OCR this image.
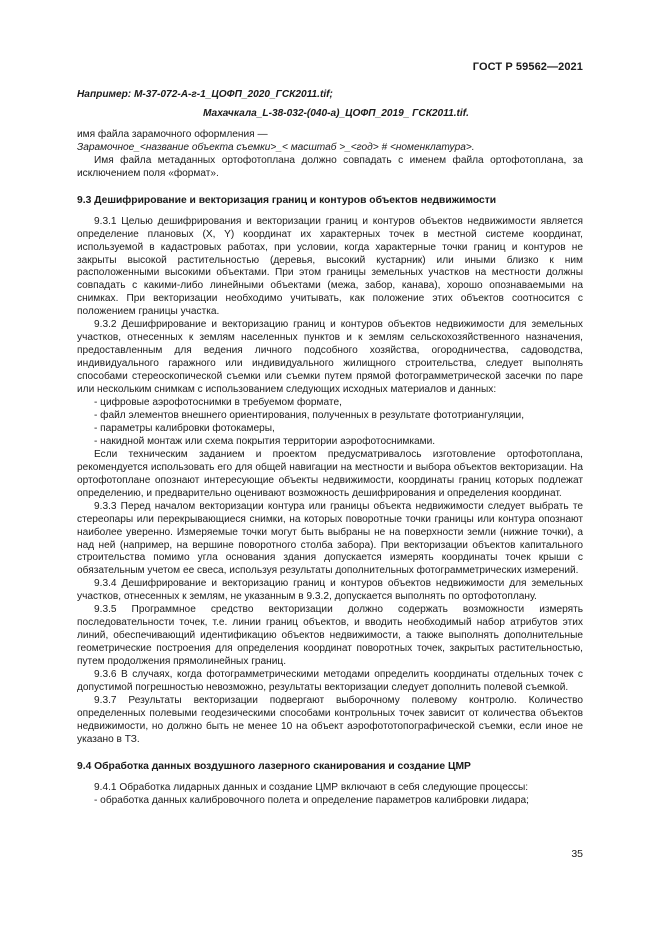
ГОСТ Р 59562—2021

Например: М-37-072-А-г-1_ЦОФП_2020_ГСК2011.tif;

Махачкала_L-38-032-(040-а)_ЦОФП_2019_ ГСК2011.tif.

имя файла зарамочного оформления —

Зарамочное_<название объекта съемки>_< масштаб >_<год> # <номенклатура>.

Имя файла метаданных ортофотоплана должно совпадать с именем файла ортофотоплана, за исключением поля «формат».

9.3 Дешифрирование и векторизация границ и контуров объектов недвижимости

9.3.1 Целью дешифрирования и векторизации границ и контуров объектов недвижимости является определение плановых (X, Y) координат их характерных точек в местной системе координат, используемой в кадастровых работах, при условии, когда характерные точки границ и контуров не закрыты высокой растительностью (деревья, высокий кустарник) или иными близко к ним расположенными высокими объектами. При этом границы земельных участков на местности должны совпадать с какими-либо линейными объектами (межа, забор, канава), хорошо опознаваемыми на снимках. При векторизации необходимо учитывать, как положение этих объектов соотносится с положением границы участка.

9.3.2 Дешифрирование и векторизацию границ и контуров объектов недвижимости для земельных участков, отнесенных к землям населенных пунктов и к землям сельскохозяйственного назначения, предоставленным для ведения личного подсобного хозяйства, огородничества, садоводства, индивидуального гаражного или индивидуального жилищного строительства, следует выполнять способами стереоскопической съемки или съемки путем прямой фотограмметрической засечки по паре или нескольким снимкам с использованием следующих исходных материалов и данных:

- цифровые аэрофотоснимки в требуемом формате,

- файл элементов внешнего ориентирования, полученных в результате фототриангуляции,

- параметры калибровки фотокамеры,

- накидной монтаж или схема покрытия территории аэрофотоснимками.

Если техническим заданием и проектом предусматривалось изготовление ортофотоплана, рекомендуется использовать его для общей навигации на местности и выбора объектов векторизации. На ортофотоплане опознают интересующие объекты недвижимости, координаты границ которых подлежат определению, и предварительно оценивают возможность дешифрирования и определения координат.

9.3.3 Перед началом векторизации контура или границы объекта недвижимости следует выбрать те стереопары или перекрывающиеся снимки, на которых поворотные точки границы или контура опознают наиболее уверенно. Измеряемые точки могут быть выбраны не на поверхности земли (нижние точки), а над ней (например, на вершине поворотного столба забора). При векторизации объектов капитального строительства помимо угла основания здания допускается измерять координаты точек крыши с обязательным учетом ее свеса, используя результаты дополнительных фотограмметрических измерений.

9.3.4 Дешифрирование и векторизацию границ и контуров объектов недвижимости для земельных участков, отнесенных к землям, не указанным в 9.3.2, допускается выполнять по ортофотоплану.

9.3.5 Программное средство векторизации должно содержать возможности измерять последовательности точек, т.е. линии границ объектов, и вводить необходимый набор атрибутов этих линий, обеспечивающий идентификацию объектов недвижимости, а также выполнять дополнительные геометрические построения для определения координат поворотных точек, закрытых растительностью, путем продолжения прямолинейных границ.

9.3.6 В случаях, когда фотограмметрическими методами определить координаты отдельных точек с допустимой погрешностью невозможно, результаты векторизации следует дополнить полевой съемкой.

9.3.7 Результаты векторизации подвергают выборочному полевому контролю. Количество определенных полевыми геодезическими способами контрольных точек зависит от количества объектов недвижимости, но должно быть не менее 10 на объект аэрофототопографической съемки, если иное не указано в ТЗ.

9.4 Обработка данных воздушного лазерного сканирования и создание ЦМР

9.4.1 Обработка лидарных данных и создание ЦМР включают в себя следующие процессы:

- обработка данных калибровочного полета и определение параметров калибровки лидара;

35
